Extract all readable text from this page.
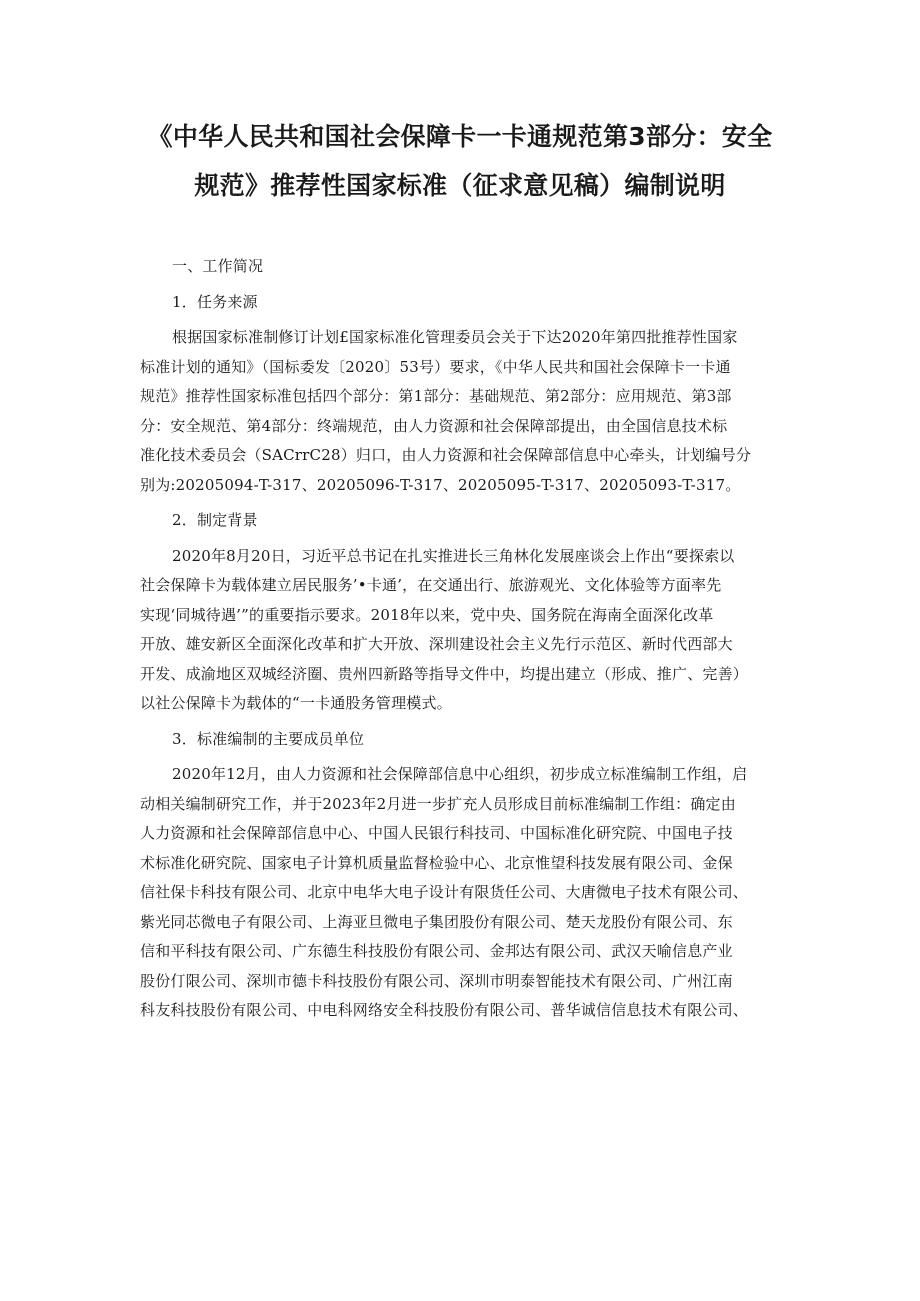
《中华人民共和国社会保障卡一卡通规范第3部分：安全
规范》推荐性国家标准（征求意见稿）编制说明

一、工作简况

1．任务来源

根据国家标准制修订计划£国家标准化管理委员会关于下达2020年第四批推荐性国家
标准计划的通知》（国标委发〔2020〕53号）要求，《中华人民共和国社会保障卡一卡通
规范》推荐性国家标准包括四个部分：第1部分：基础规范、第2部分：应用规范、第3部
分：安全规范、第4部分：终端规范，由人力资源和社会保障部提出，由全国信息技术标
准化技术委员会（SACrrC28）归口，由人力资源和社会保障部信息中心牵头，计划编号分
别为:20205094-T-317、20205096-T-317、20205095-T-317、20205093-T-317。

2．制定背景

2020年8月20日，习近平总书记在扎实推进长三角林化发展座谈会上作出“要探索以
社会保障卡为载体建立居民服务’•卡通’，在交通出行、旅游观光、文化体验等方面率先
实现‘同城待遇’”的重要指示要求。2018年以来，党中央、国务院在海南全面深化改革
开放、雄安新区全面深化改革和扩大开放、深圳建设社会主义先行示范区、新时代西部大
开发、成渝地区双城经济圈、贵州四新路等指导文件中，均提出建立（形成、推广、完善）
以社公保障卡为载体的“一卡通股务管理模式。

3．标准编制的主要成员单位

2020年12月，由人力资源和社会保障部信息中心组织，初步成立标准编制工作组，启
动相关编制研究工作，并于2023年2月进一步扩充人员形成目前标准编制工作组：确定由
人力资源和社会保障部信息中心、中国人民银行科技司、中国标准化研究院、中国电子技
术标准化研究院、国家电子计算机质量监督检验中心、北京惟望科技发展有限公司、金保
信社保卡科技有限公司、北京中电华大电子设计有限货任公司、大唐微电子技术有限公司、
紫光同芯微电子有限公司、上海亚旦微电子集团股份有限公司、楚天龙股份有限公司、东
信和平科技有限公司、广东德生科技股份有限公司、金邦达有限公司、武汉天喻信息产业
股份仃限公司、深圳市德卡科技股份有限公司、深圳市明泰智能技术有限公司、广州江南
科友科技股份有限公司、中电科网络安全科技股份有限公司、普华诚信信息技术有限公司、
